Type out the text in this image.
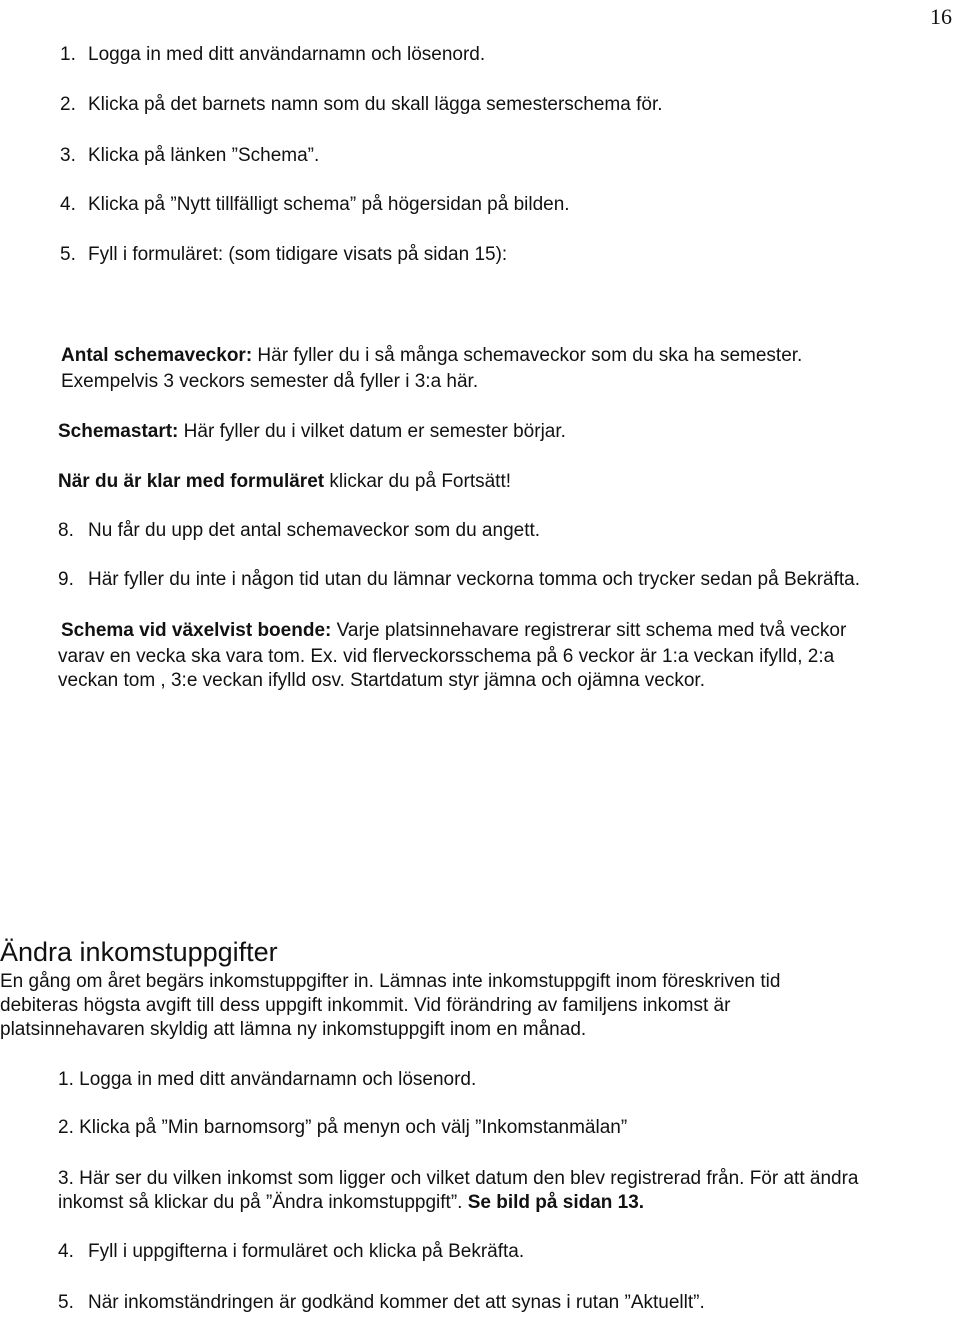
16
1. Logga in med ditt användarnamn och lösenord.
2. Klicka på det barnets namn som du skall lägga semesterschema för.
3. Klicka på länken ”Schema”.
4. Klicka på ”Nytt tillfälligt schema” på högersidan på bilden.
5. Fyll i formuläret: (som tidigare visats på sidan 15):
Antal schemaveckor: Här fyller du i så många schemaveckor som du ska ha semester.
Exempelvis 3 veckors semester då fyller i 3:a här.
Schemastart: Här fyller du i vilket datum er semester börjar.
När du är klar med formuläret klickar du på Fortsätt!
8. Nu får du upp det antal schemaveckor som du angett.
9. Här fyller du inte i någon tid utan du lämnar veckorna tomma och trycker sedan på Bekräfta.
Schema vid växelvist boende: Varje platsinnehavare registrerar sitt schema med två veckor
varav en vecka ska vara tom. Ex. vid flerveckorsschema på 6 veckor är 1:a veckan ifylld, 2:a
veckan tom , 3:e veckan ifylld osv. Startdatum styr jämna och ojämna veckor.
Ändra inkomstuppgifter
En gång om året begärs inkomstuppgifter in. Lämnas inte inkomstuppgift inom föreskriven tid
debiteras högsta avgift till dess uppgift inkommit. Vid förändring av familjens inkomst är
platsinnehavaren skyldig att lämna ny inkomstuppgift inom en månad.
1. Logga in med ditt användarnamn och lösenord.
2. Klicka på ”Min barnomsorg” på menyn och välj ”Inkomstanmälan”
3. Här ser du vilken inkomst som ligger och vilket datum den blev registrerad från. För att ändra
inkomst så klickar du på ”Ändra inkomstuppgift”. Se bild på sidan 13.
4. Fyll i uppgifterna i formuläret och klicka på Bekräfta.
5. När inkomständringen är godkänd kommer det att synas i rutan ”Aktuellt”.
